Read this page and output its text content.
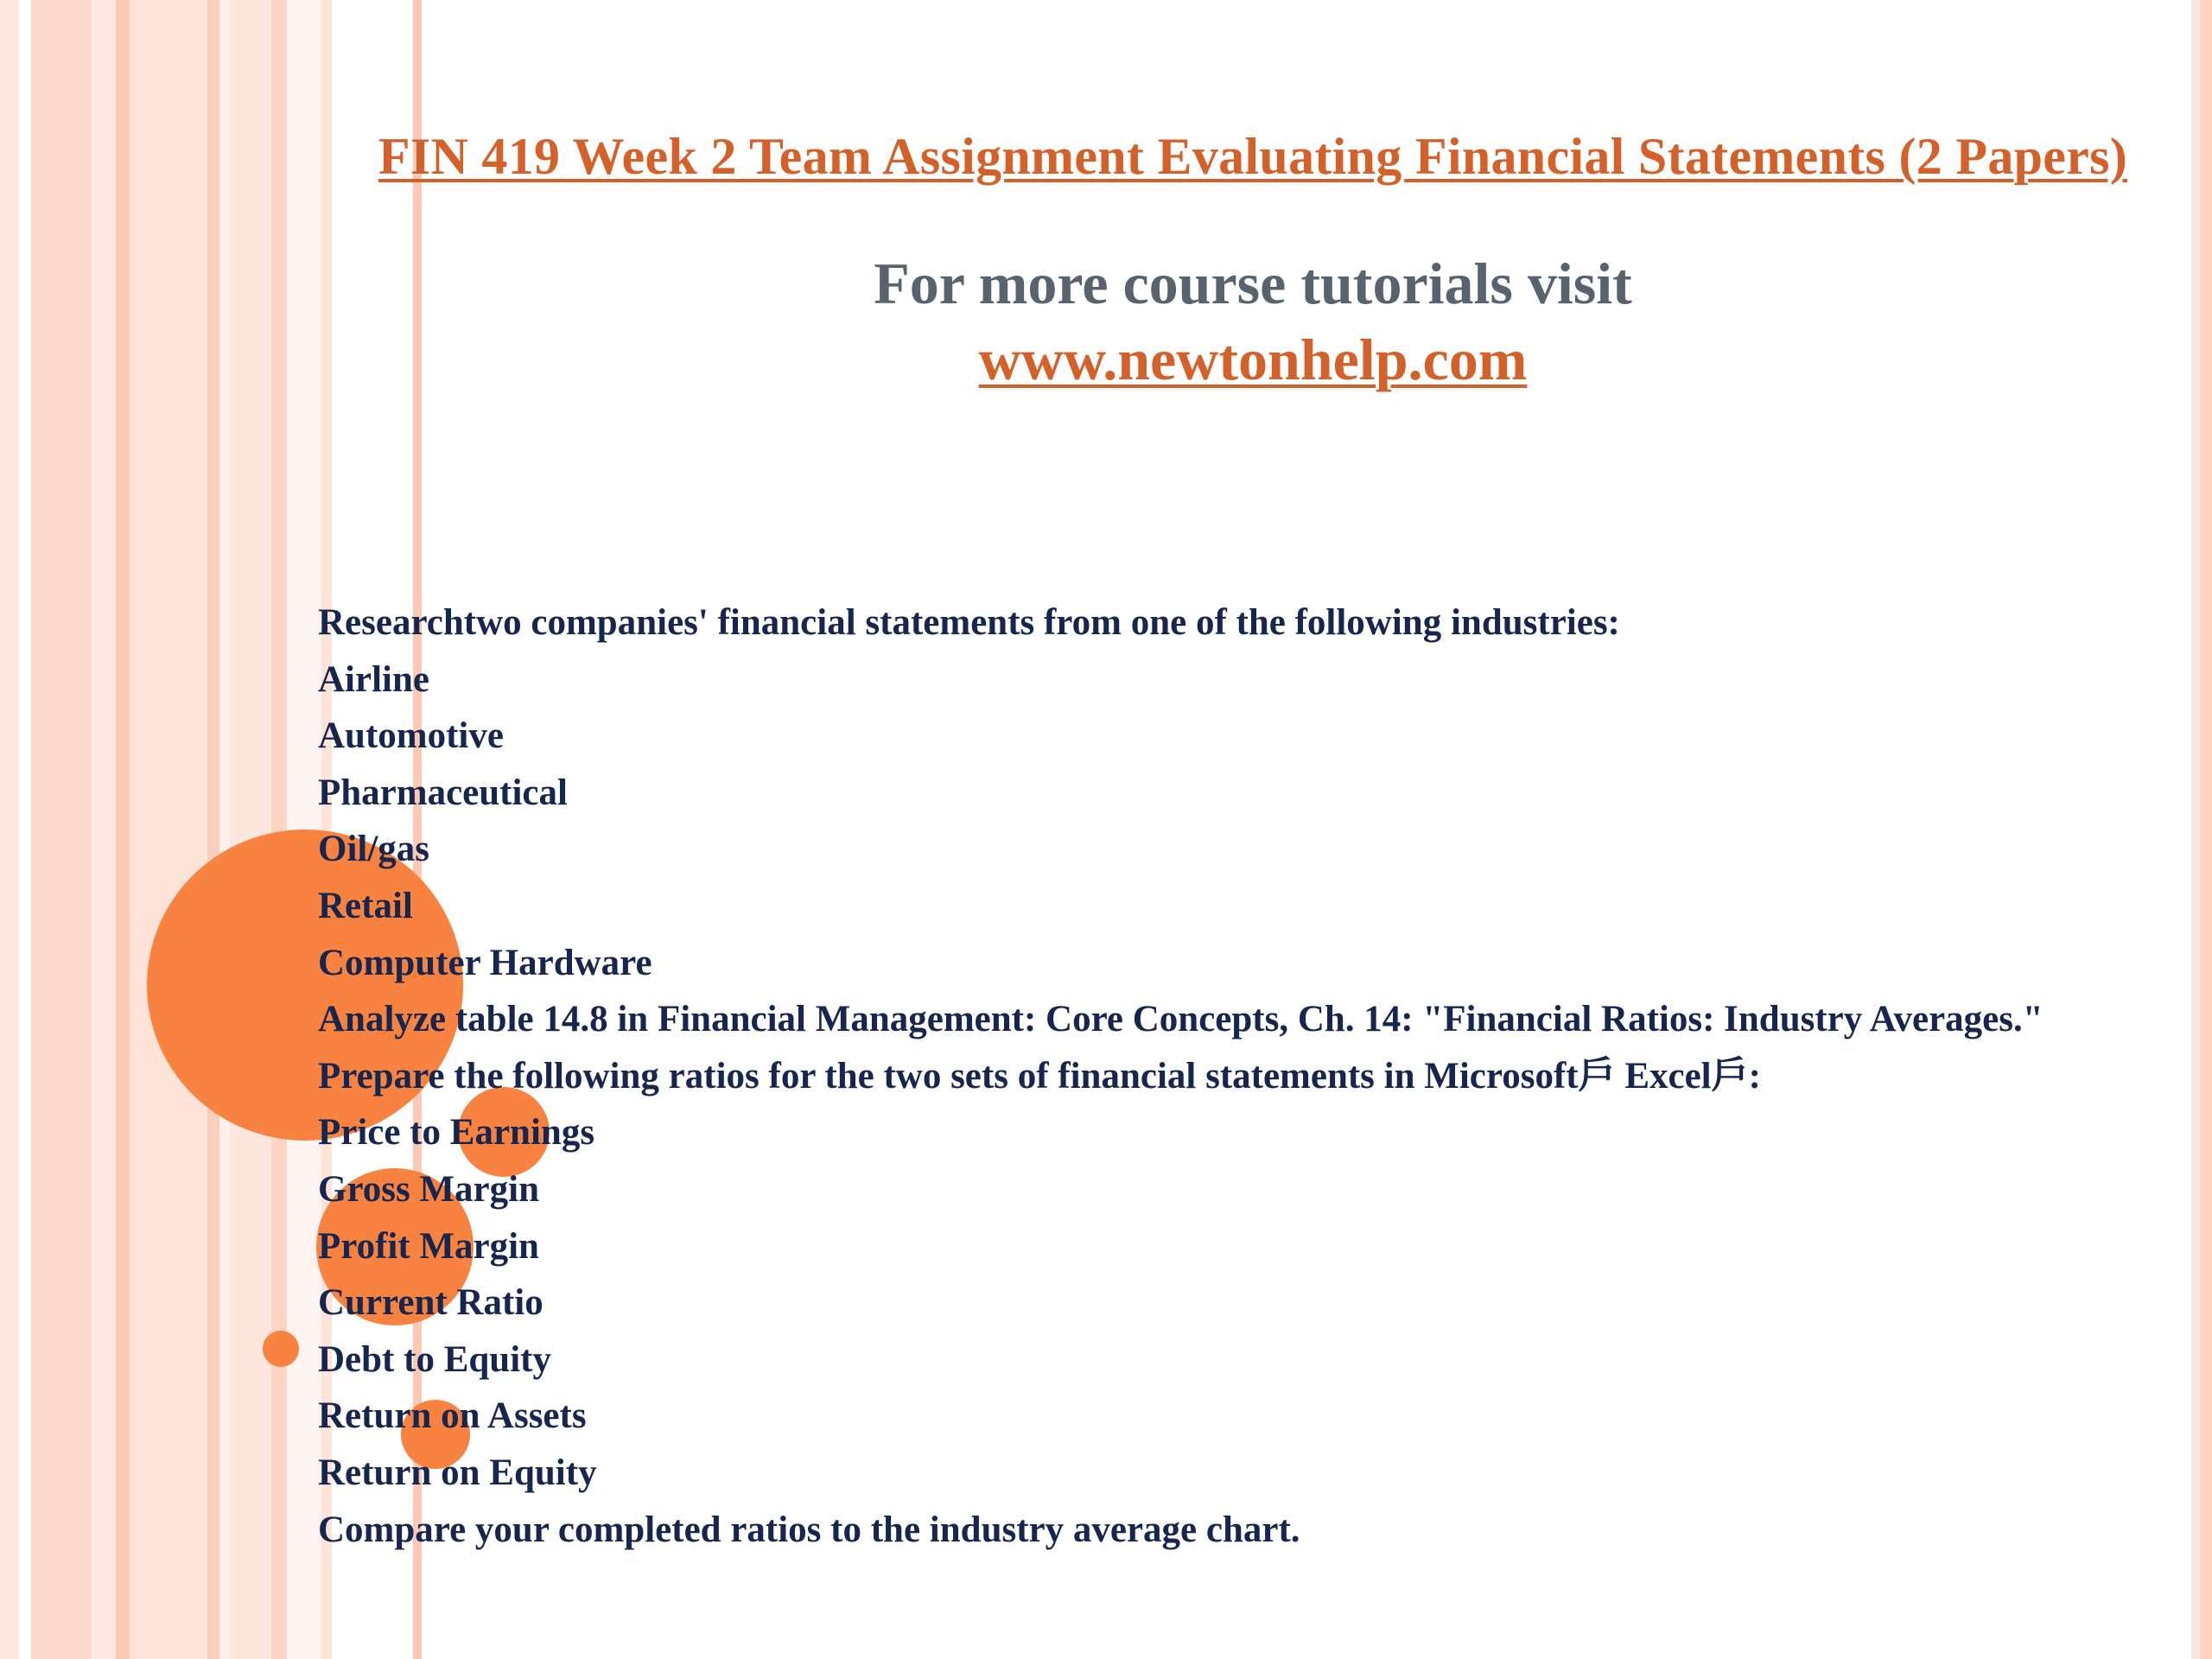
FIN 419 Week 2 Team Assignment Evaluating Financial Statements (2 Papers)
For more course tutorials visit
www.newtonhelp.com
Researchtwo companies' financial statements from one of the following industries:
Airline
Automotive
Pharmaceutical
Oil/gas
Retail
Computer Hardware
Analyze table 14.8 in Financial Management: Core Concepts, Ch. 14: "Financial Ratios: Industry Averages."
Prepare the following ratios for the two sets of financial statements in Microsoft戶 Excel戶:
Price to Earnings
Gross Margin
Profit Margin
Current Ratio
Debt to Equity
Return on Assets
Return on Equity
Compare your completed ratios to the industry average chart.
